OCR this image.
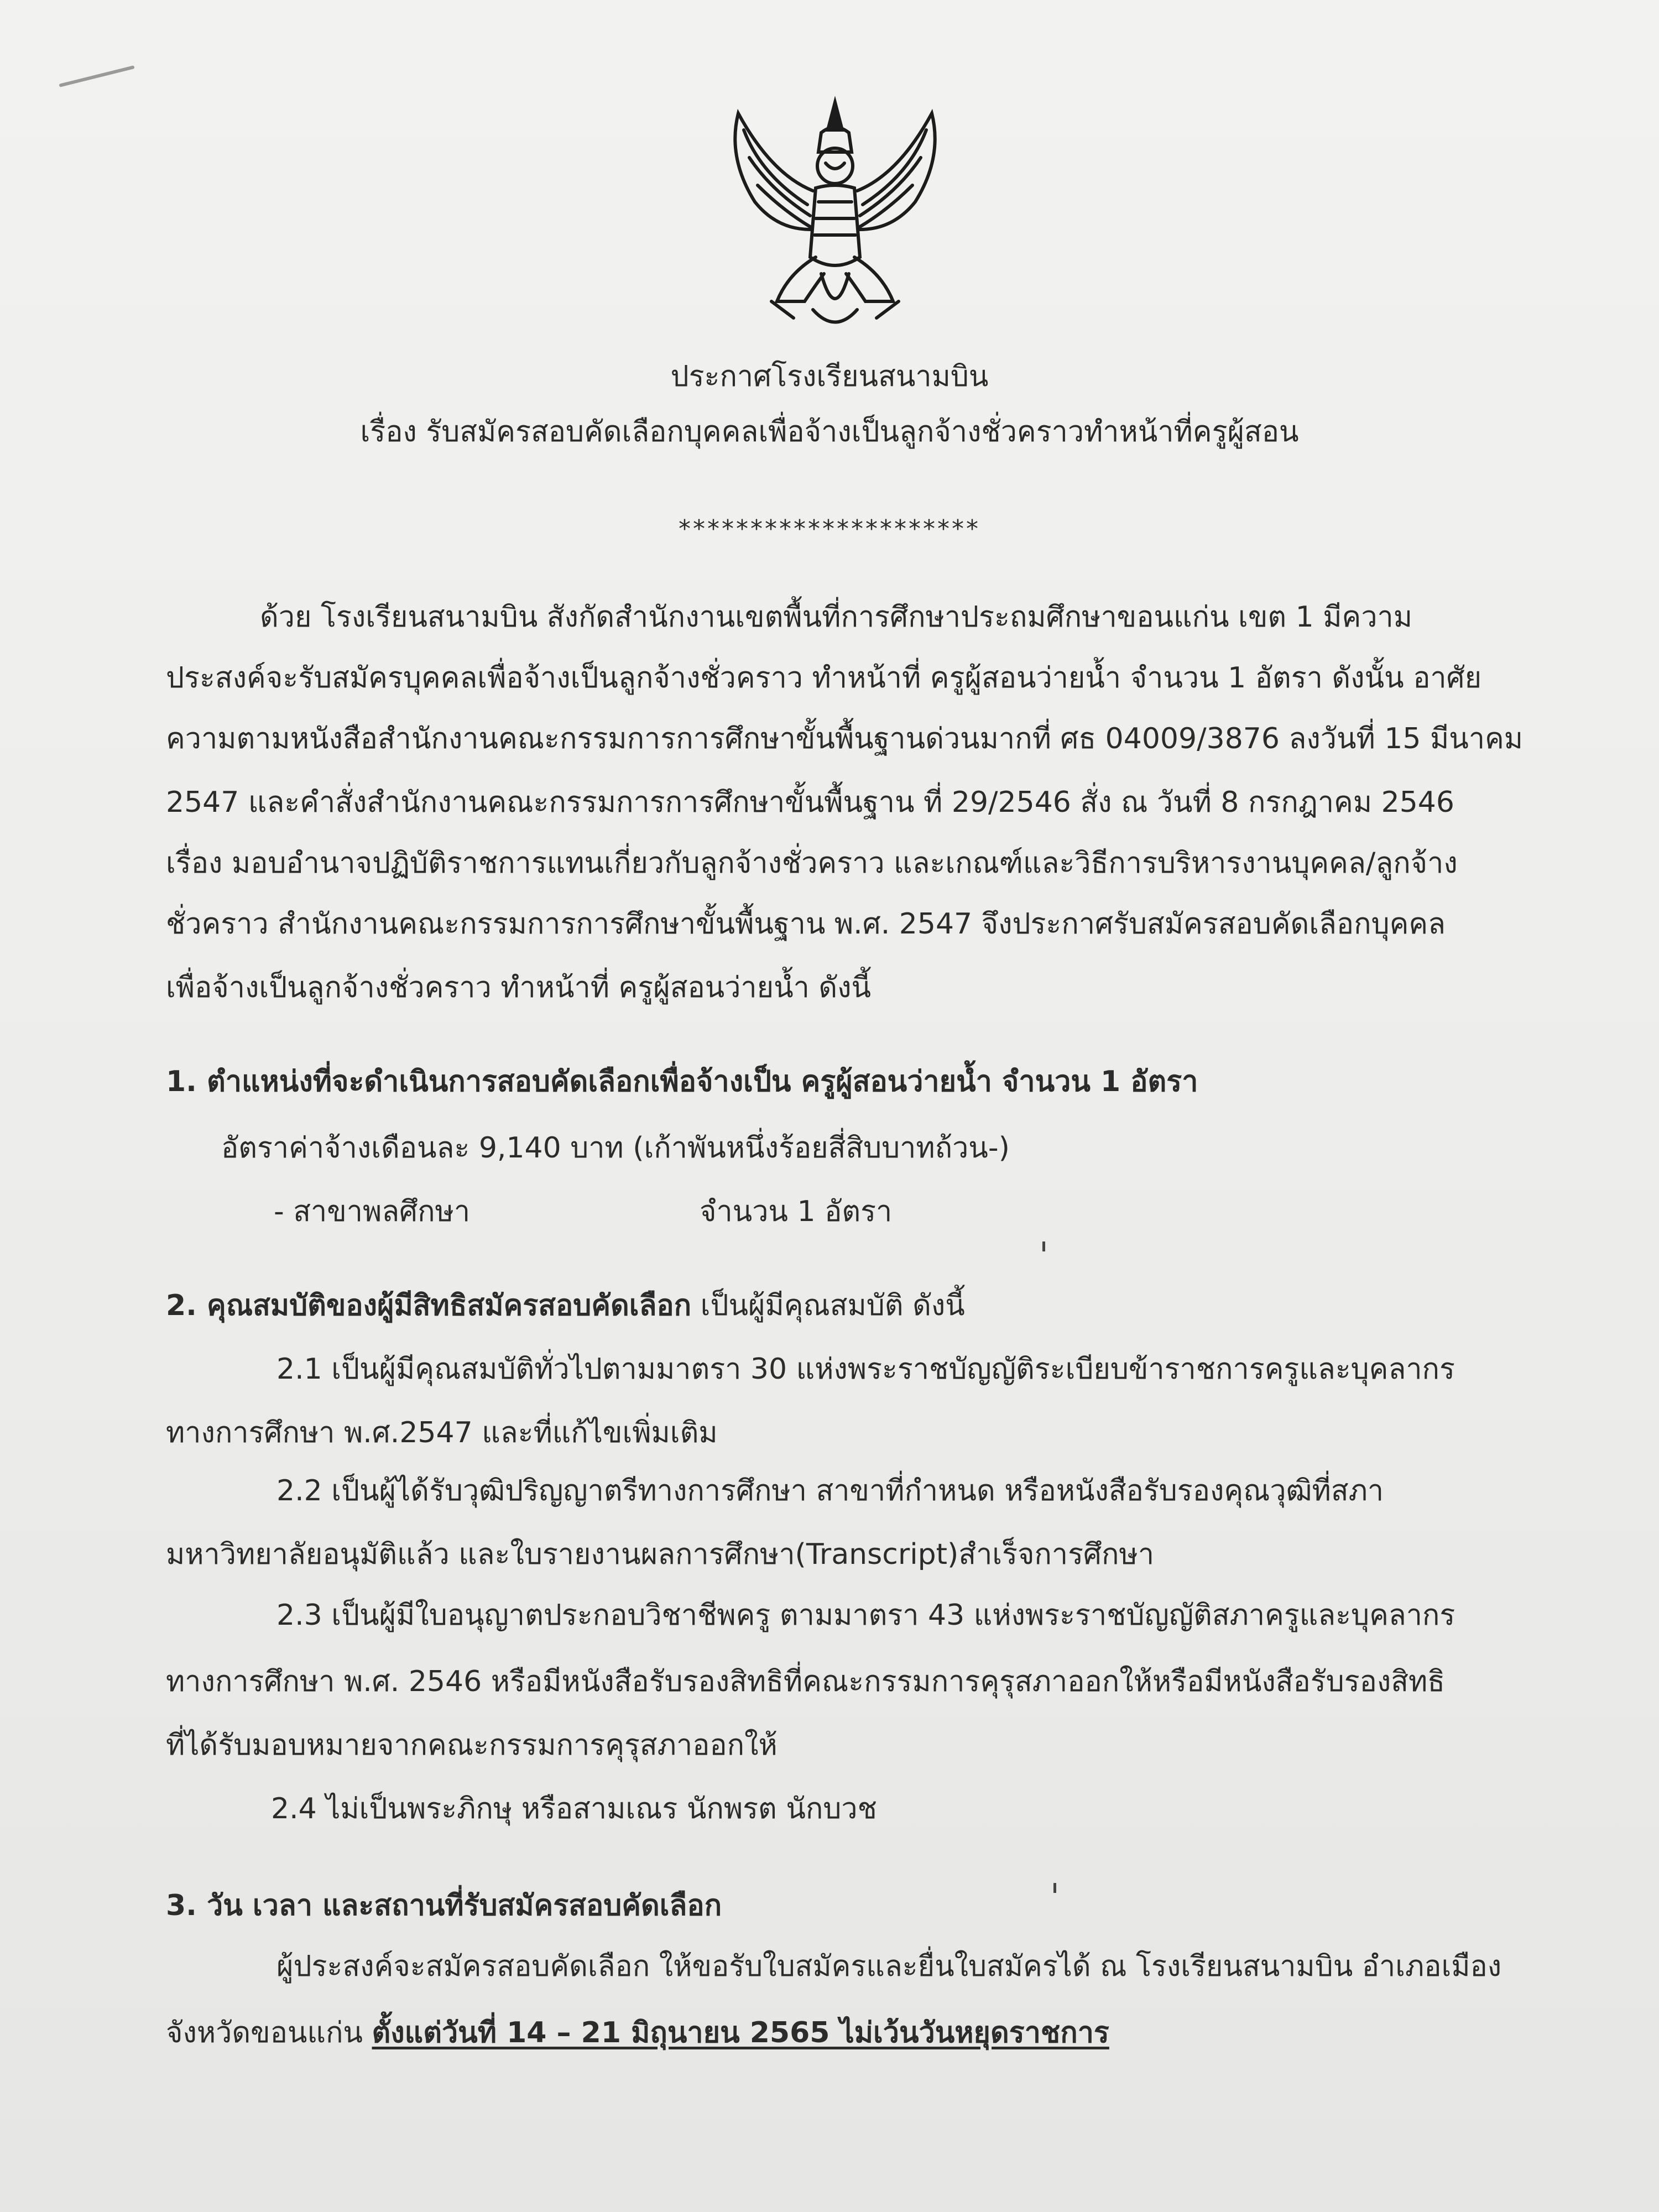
ประกาศโรงเรียนสนามบิน
เรื่อง รับสมัครสอบคัดเลือกบุคคลเพื่อจ้างเป็นลูกจ้างชั่วคราวทำหน้าที่ครูผู้สอน
*********************
ด้วย โรงเรียนสนามบิน สังกัดสำนักงานเขตพื้นที่การศึกษาประถมศึกษาขอนแก่น เขต 1 มีความ
ประสงค์จะรับสมัครบุคคลเพื่อจ้างเป็นลูกจ้างชั่วคราว ทำหน้าที่ ครูผู้สอนว่ายน้ำ จำนวน 1 อัตรา ดังนั้น อาศัย
ความตามหนังสือสำนักงานคณะกรรมการการศึกษาขั้นพื้นฐานด่วนมากที่ ศธ 04009/3876 ลงวันที่ 15 มีนาคม
2547 และคำสั่งสำนักงานคณะกรรมการการศึกษาขั้นพื้นฐาน ที่ 29/2546 สั่ง ณ วันที่ 8 กรกฎาคม 2546
เรื่อง มอบอำนาจปฏิบัติราชการแทนเกี่ยวกับลูกจ้างชั่วคราว และเกณฑ์และวิธีการบริหารงานบุคคล/ลูกจ้าง
ชั่วคราว สำนักงานคณะกรรมการการศึกษาขั้นพื้นฐาน พ.ศ. 2547 จึงประกาศรับสมัครสอบคัดเลือกบุคคล
เพื่อจ้างเป็นลูกจ้างชั่วคราว ทำหน้าที่ ครูผู้สอนว่ายน้ำ ดังนี้
1. ตำแหน่งที่จะดำเนินการสอบคัดเลือกเพื่อจ้างเป็น ครูผู้สอนว่ายน้ำ จำนวน 1 อัตรา
อัตราค่าจ้างเดือนละ 9,140 บาท (เก้าพันหนึ่งร้อยสี่สิบบาทถ้วน-)
- สาขาพลศึกษา	จำนวน 1 อัตรา
2. คุณสมบัติของผู้มีสิทธิสมัครสอบคัดเลือก เป็นผู้มีคุณสมบัติ ดังนี้
2.1 เป็นผู้มีคุณสมบัติทั่วไปตามมาตรา 30 แห่งพระราชบัญญัติระเบียบข้าราชการครูและบุคลากร
ทางการศึกษา พ.ศ.2547 และที่แก้ไขเพิ่มเติม
2.2 เป็นผู้ได้รับวุฒิปริญญาตรีทางการศึกษา สาขาที่กำหนด หรือหนังสือรับรองคุณวุฒิที่สภา
มหาวิทยาลัยอนุมัติแล้ว และใบรายงานผลการศึกษา(Transcript)สำเร็จการศึกษา
2.3 เป็นผู้มีใบอนุญาตประกอบวิชาชีพครู ตามมาตรา 43 แห่งพระราชบัญญัติสภาครูและบุคลากร
ทางการศึกษา พ.ศ. 2546 หรือมีหนังสือรับรองสิทธิที่คณะกรรมการคุรุสภาออกให้หรือมีหนังสือรับรองสิทธิ
ที่ได้รับมอบหมายจากคณะกรรมการคุรุสภาออกให้
2.4 ไม่เป็นพระภิกษุ หรือสามเณร นักพรต นักบวช
3. วัน เวลา และสถานที่รับสมัครสอบคัดเลือก
ผู้ประสงค์จะสมัครสอบคัดเลือก ให้ขอรับใบสมัครและยื่นใบสมัครได้ ณ โรงเรียนสนามบิน อำเภอเมือง
จังหวัดขอนแก่น ตั้งแต่วันที่ 14 – 21 มิถุนายน 2565 ไม่เว้นวันหยุดราชการ
